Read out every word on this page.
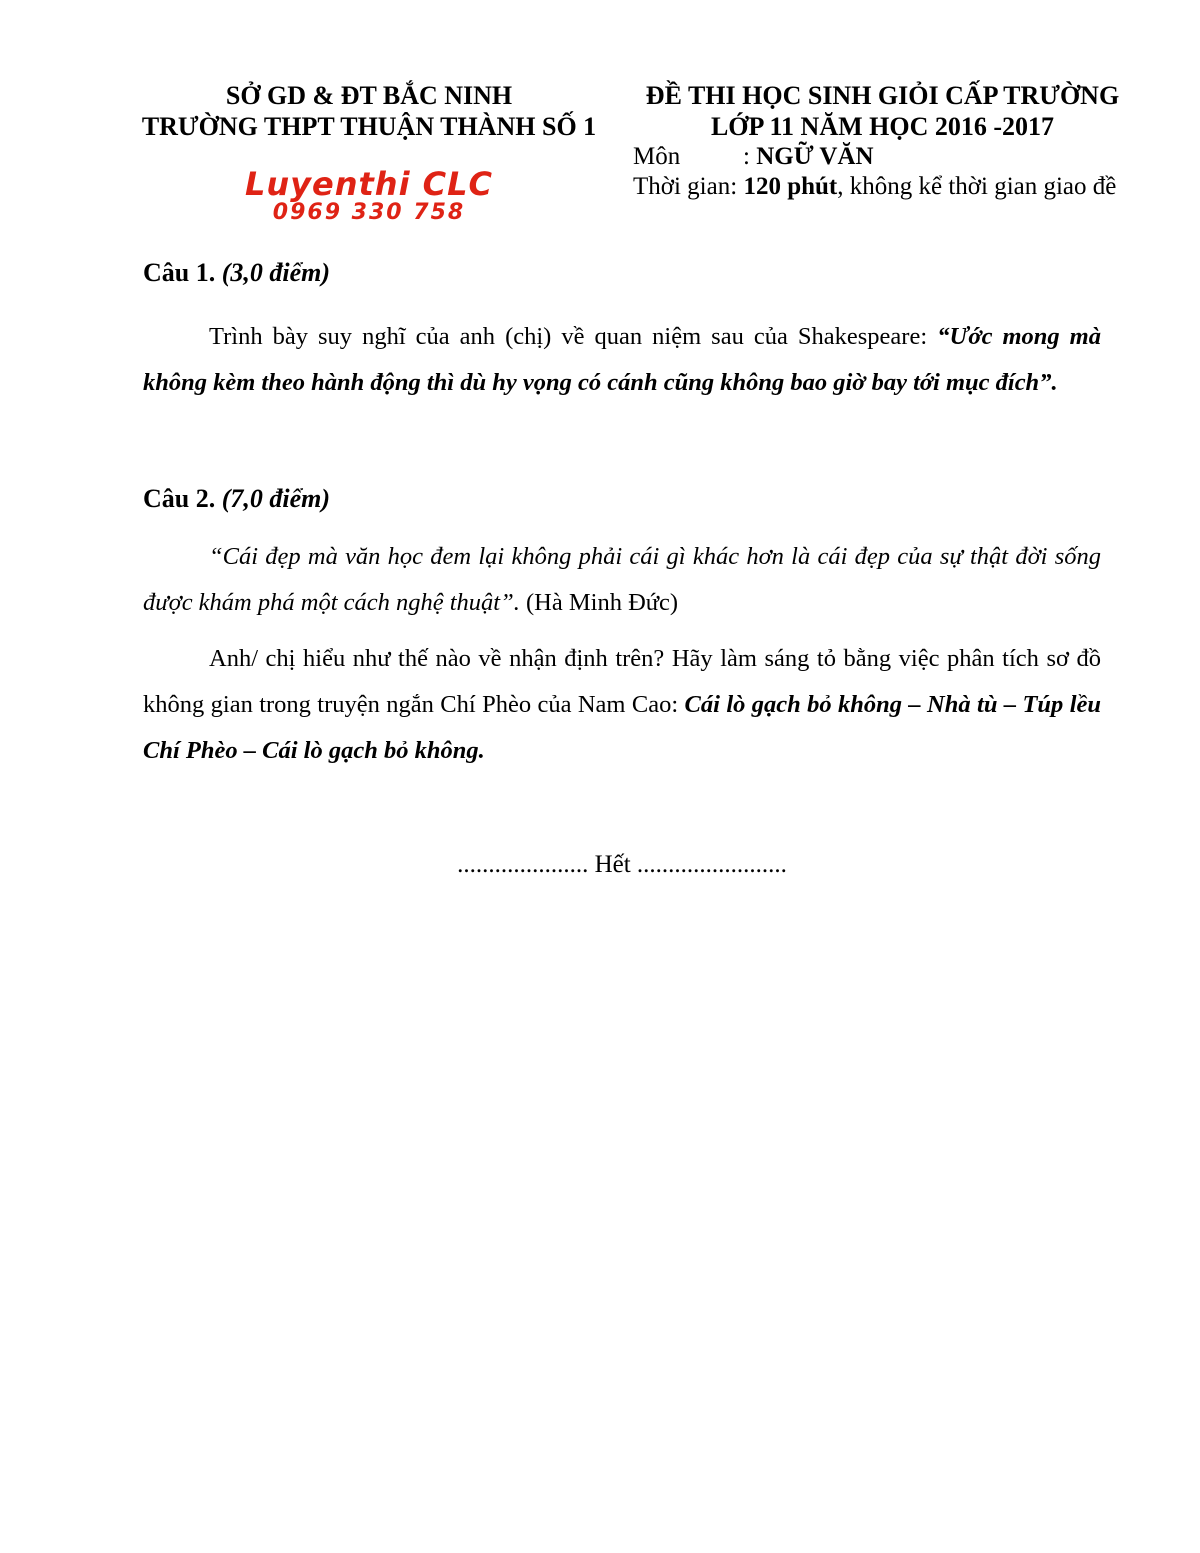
SỞ GD & ĐT BẮC NINH
TRƯỜNG THPT THUẬN THÀNH SỐ 1
Luyenthi CLC
0969 330 758
ĐỀ THI HỌC SINH GIỎI CẤP TRƯỜNG
LỚP 11 NĂM HỌC 2016 -2017
Môn	: NGỮ VĂN
Thời gian: 120 phút, không kể thời gian giao đề
Câu 1. (3,0 điểm)

Trình bày suy nghĩ của anh (chị) về quan niệm sau của Shakespeare: “Ước mong mà không kèm theo hành động thì dù hy vọng có cánh cũng không bao giờ bay tới mục đích”.

Câu 2. (7,0 điểm)

“Cái đẹp mà văn học đem lại không phải cái gì khác hơn là cái đẹp của sự thật đời sống được khám phá một cách nghệ thuật”. (Hà Minh Đức)

Anh/ chị hiểu như thế nào về nhận định trên? Hãy làm sáng tỏ bằng việc phân tích sơ đồ không gian trong truyện ngắn Chí Phèo của Nam Cao: Cái lò gạch bỏ không – Nhà tù – Túp lều Chí Phèo – Cái lò gạch bỏ không.

..................... Hết ........................
